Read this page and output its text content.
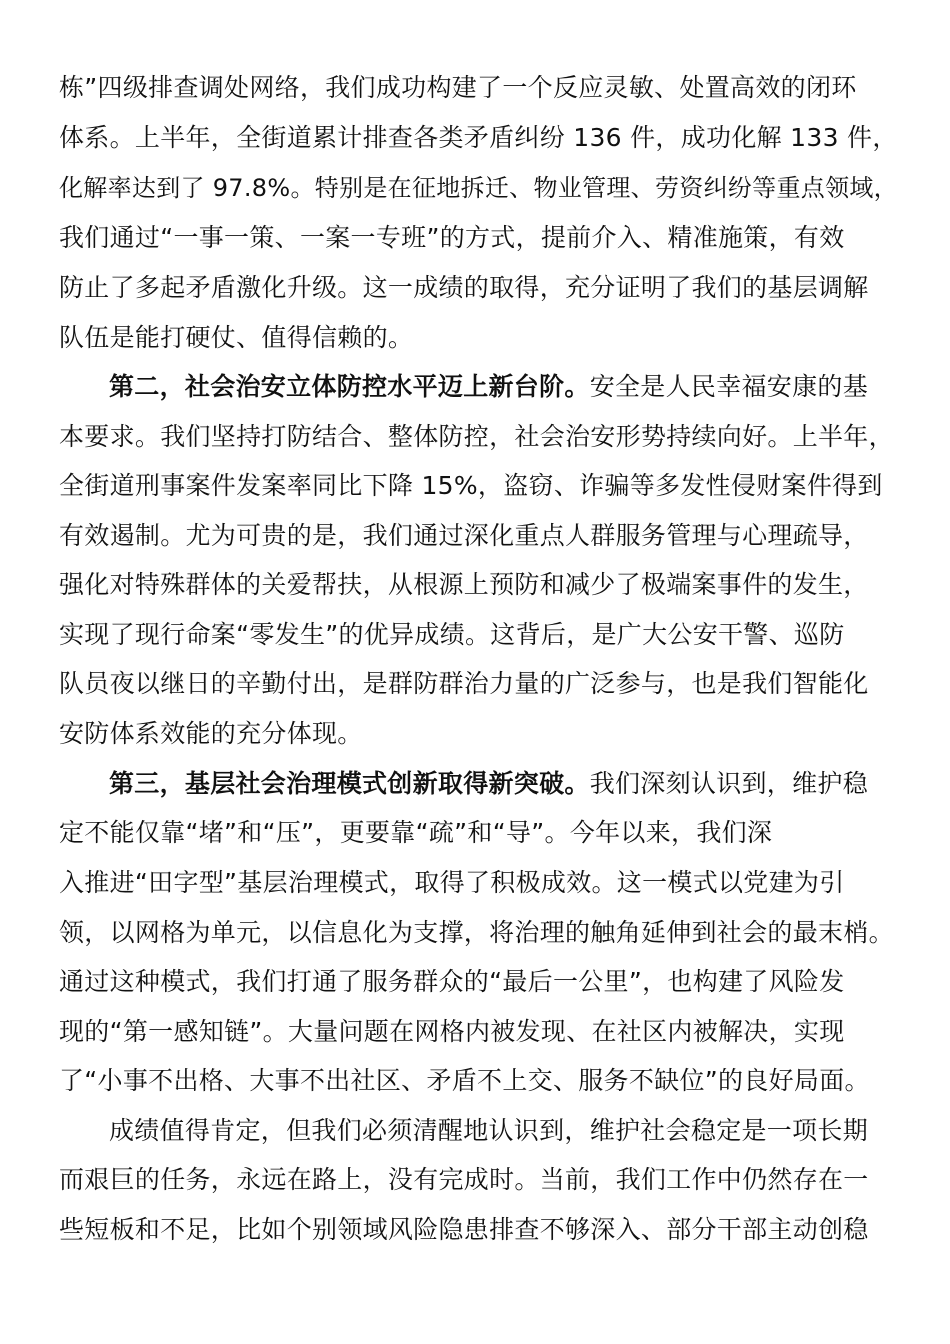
栋”四级排查调处网络，我们成功构建了一个反应灵敏、处置高效的闭环
体系。上半年，全街道累计排查各类矛盾纠纷 136 件，成功化解 133 件，
化解率达到了 97.8%。特别是在征地拆迁、物业管理、劳资纠纷等重点领域，
我们通过“一事一策、一案一专班”的方式，提前介入、精准施策，有效
防止了多起矛盾激化升级。这一成绩的取得，充分证明了我们的基层调解
队伍是能打硬仗、值得信赖的。
第二，社会治安立体防控水平迈上新台阶。安全是人民幸福安康的基
本要求。我们坚持打防结合、整体防控，社会治安形势持续向好。上半年，
全街道刑事案件发案率同比下降 15%，盗窃、诈骗等多发性侵财案件得到
有效遏制。尤为可贵的是，我们通过深化重点人群服务管理与心理疏导，
强化对特殊群体的关爱帮扶，从根源上预防和减少了极端案事件的发生，
实现了现行命案“零发生”的优异成绩。这背后，是广大公安干警、巡防
队员夜以继日的辛勤付出，是群防群治力量的广泛参与，也是我们智能化
安防体系效能的充分体现。
第三，基层社会治理模式创新取得新突破。我们深刻认识到，维护稳
定不能仅靠“堵”和“压”，更要靠“疏”和“导”。今年以来，我们深
入推进“田字型”基层治理模式，取得了积极成效。这一模式以党建为引
领，以网格为单元，以信息化为支撑，将治理的触角延伸到社会的最末梢。
通过这种模式，我们打通了服务群众的“最后一公里”，也构建了风险发
现的“第一感知链”。大量问题在网格内被发现、在社区内被解决，实现
了“小事不出格、大事不出社区、矛盾不上交、服务不缺位”的良好局面。
成绩值得肯定，但我们必须清醒地认识到，维护社会稳定是一项长期
而艰巨的任务，永远在路上，没有完成时。当前，我们工作中仍然存在一
些短板和不足，比如个别领域风险隐患排查不够深入、部分干部主动创稳
